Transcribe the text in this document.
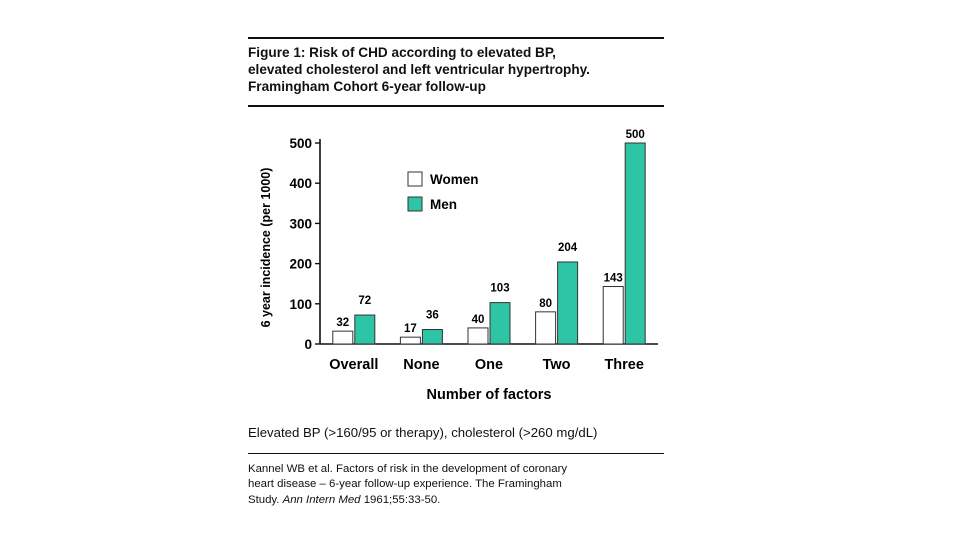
Figure 1: Risk of CHD according to elevated BP,
elevated cholesterol and left ventricular hypertrophy.
Framingham Cohort 6-year follow-up
0
100
200
300
400
500
6 year incidence (per 1000)
Number of factors
32
72
Overall
17
36
None
40
103
One
80
204
Two
143
500
Three
Women
Men
Elevated BP (>160/95 or therapy), cholesterol (>260 mg/dL)
Kannel WB et al. Factors of risk in the development of coronary
heart disease – 6-year follow-up experience. The Framingham
Study. Ann Intern Med 1961;55:33-50.
